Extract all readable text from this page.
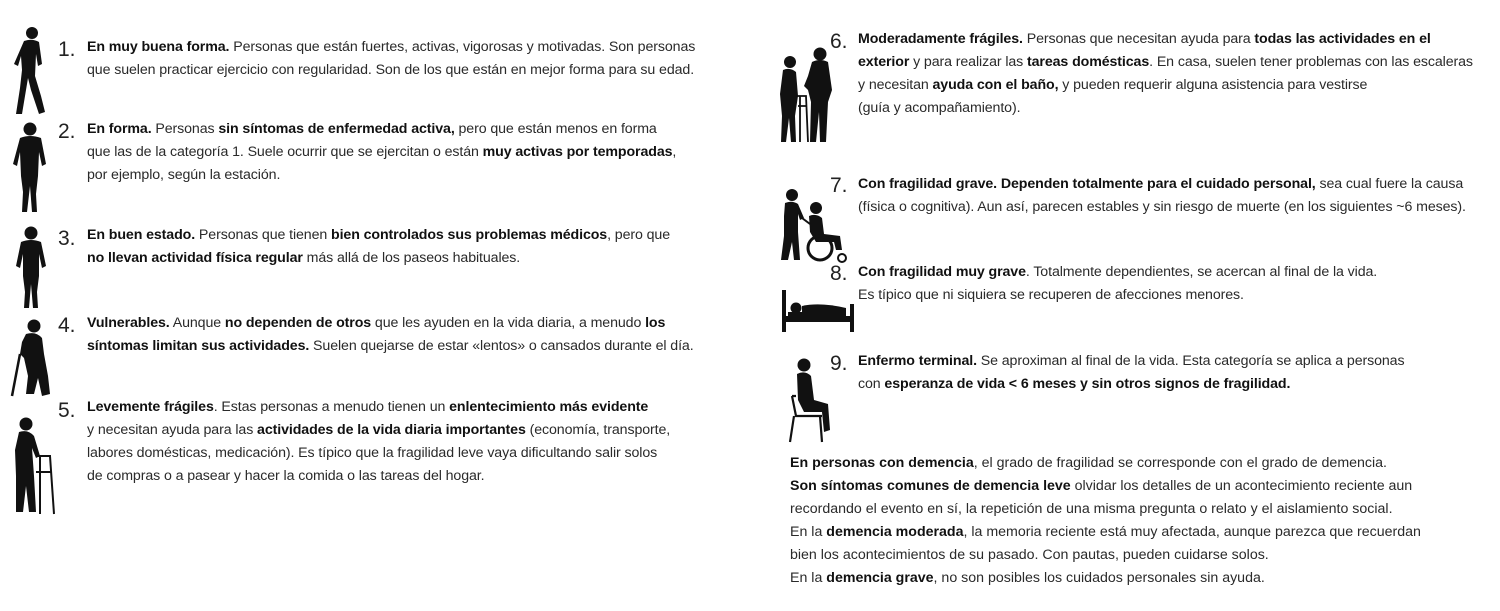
1. En muy buena forma. Personas que están fuertes, activas, vigorosas y motivadas. Son personas
que suelen practicar ejercicio con regularidad. Son de los que están en mejor forma para su edad.
2. En forma. Personas sin síntomas de enfermedad activa, pero que están menos en forma
que las de la categoría 1. Suele ocurrir que se ejercitan o están muy activas por temporadas,
por ejemplo, según la estación.
3. En buen estado. Personas que tienen bien controlados sus problemas médicos, pero que
no llevan actividad física regular más allá de los paseos habituales.
4. Vulnerables. Aunque no dependen de otros que les ayuden en la vida diaria, a menudo los
síntomas limitan sus actividades. Suelen quejarse de estar «lentos» o cansados durante el día.
5. Levemente frágiles. Estas personas a menudo tienen un enlentecimiento más evidente
y necesitan ayuda para las actividades de la vida diaria importantes (economía, transporte,
labores domésticas, medicación). Es típico que la fragilidad leve vaya dificultando salir solos
de compras o a pasear y hacer la comida o las tareas del hogar.
6. Moderadamente frágiles. Personas que necesitan ayuda para todas las actividades en el
exterior y para realizar las tareas domésticas. En casa, suelen tener problemas con las escaleras
y necesitan ayuda con el baño, y pueden requerir alguna asistencia para vestirse
(guía y acompañamiento).
7. Con fragilidad grave. Dependen totalmente para el cuidado personal, sea cual fuere la causa
(física o cognitiva). Aun así, parecen estables y sin riesgo de muerte (en los siguientes ~6 meses).
8. Con fragilidad muy grave. Totalmente dependientes, se acercan al final de la vida.
Es típico que ni siquiera se recuperen de afecciones menores.
9. Enfermo terminal. Se aproximan al final de la vida. Esta categoría se aplica a personas
con esperanza de vida < 6 meses y sin otros signos de fragilidad.
En personas con demencia, el grado de fragilidad se corresponde con el grado de demencia.
Son síntomas comunes de demencia leve olvidar los detalles de un acontecimiento reciente aun
recordando el evento en sí, la repetición de una misma pregunta o relato y el aislamiento social.
En la demencia moderada, la memoria reciente está muy afectada, aunque parezca que recuerdan
bien los acontecimientos de su pasado. Con pautas, pueden cuidarse solos.
En la demencia grave, no son posibles los cuidados personales sin ayuda.
